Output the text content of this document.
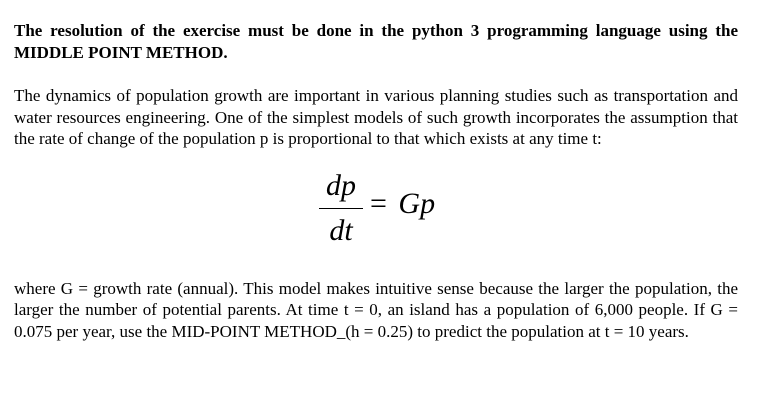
The resolution of the exercise must be done in the python 3 programming language using the MIDDLE POINT METHOD.

The dynamics of population growth are important in various planning studies such as transportation and water resources engineering. One of the simplest models of such growth incorporates the assumption that the rate of change of the population p is proportional to that which exists at any time t:

dp
dt
= Gp

where G = growth rate (annual). This model makes intuitive sense because the larger the population, the larger the number of potential parents. At time t = 0, an island has a population of 6,000 people. If G = 0.075 per year, use the MID-POINT METHOD_(h = 0.25) to predict the population at t = 10 years.
